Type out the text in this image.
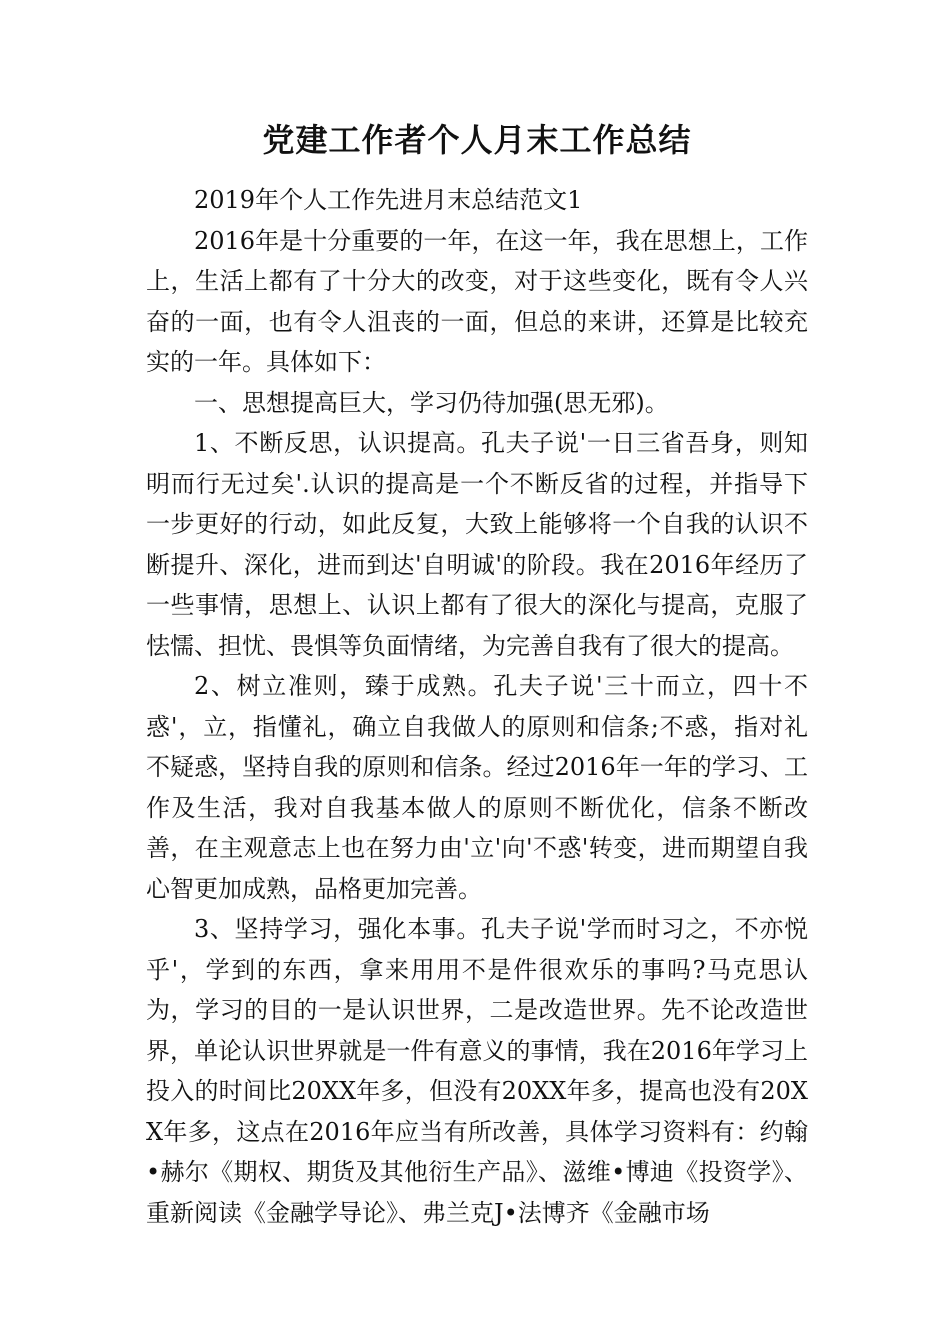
党建工作者个人月末工作总结

2019年个人工作先进月末总结范文1

2016年是十分重要的一年，在这一年，我在思想上，工作上，生活上都有了十分大的改变，对于这些变化，既有令人兴奋的一面，也有令人沮丧的一面，但总的来讲，还算是比较充实的一年。具体如下：

一、思想提高巨大，学习仍待加强(思无邪)。

1、不断反思，认识提高。孔夫子说'一日三省吾身，则知明而行无过矣'.认识的提高是一个不断反省的过程，并指导下一步更好的行动，如此反复，大致上能够将一个自我的认识不断提升、深化，进而到达'自明诚'的阶段。我在2016年经历了一些事情，思想上、认识上都有了很大的深化与提高，克服了怯懦、担忧、畏惧等负面情绪，为完善自我有了很大的提高。

2、树立准则，臻于成熟。孔夫子说'三十而立，四十不惑'，立，指懂礼，确立自我做人的原则和信条;不惑，指对礼不疑惑，坚持自我的原则和信条。经过2016年一年的学习、工作及生活，我对自我基本做人的原则不断优化，信条不断改善，在主观意志上也在努力由'立'向'不惑'转变，进而期望自我心智更加成熟，品格更加完善。

3、坚持学习，强化本事。孔夫子说'学而时习之，不亦悦乎'，学到的东西，拿来用用不是件很欢乐的事吗?马克思认为，学习的目的一是认识世界，二是改造世界。先不论改造世界，单论认识世界就是一件有意义的事情，我在2016年学习上投入的时间比20XX年多，但没有20XX年多，提高也没有20XX年多，这点在2016年应当有所改善，具体学习资料有：约翰•赫尔《期权、期货及其他衍生产品》、滋维•博迪《投资学》、重新阅读《金融学导论》、弗兰克J•法博齐《金融市场
